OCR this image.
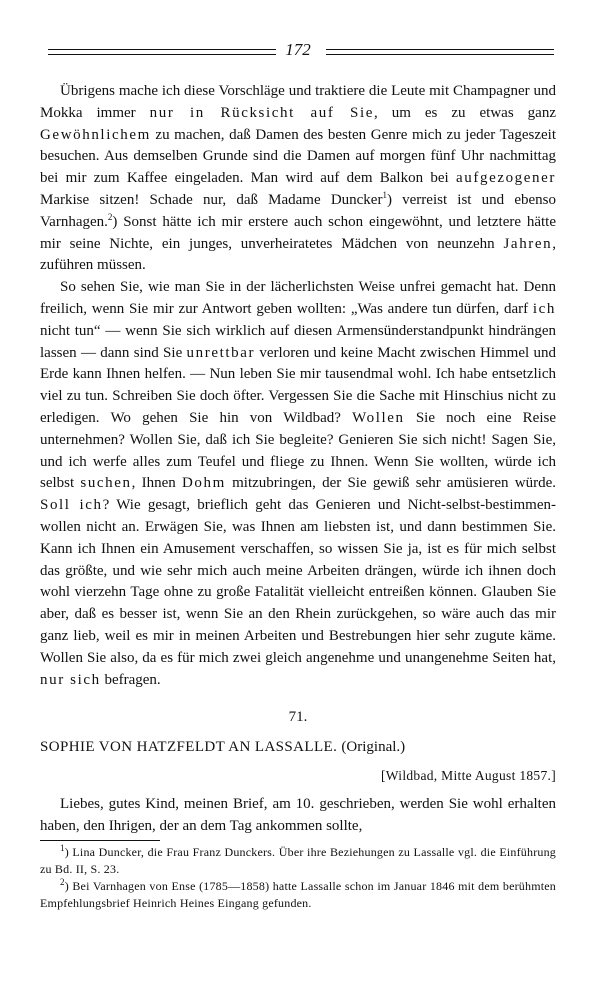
172

Übrigens mache ich diese Vorschläge und traktiere die Leute mit Champagner und Mokka immer nur in Rücksicht auf Sie, um es zu etwas ganz Gewöhnlichem zu machen, daß Damen des besten Genre mich zu jeder Tageszeit besuchen. Aus demselben Grunde sind die Damen auf morgen fünf Uhr nachmittag bei mir zum Kaffee eingeladen. Man wird auf dem Balkon bei aufgezogener Markise sitzen! Schade nur, daß Madame Duncker$^1$) verreist ist und ebenso Varnhagen.$^2$) Sonst hätte ich mir erstere auch schon eingewöhnt, und letztere hätte mir seine Nichte, ein junges, unverheiratetes Mädchen von neunzehn Jahren, zuführen müssen.

So sehen Sie, wie man Sie in der lächerlichsten Weise unfrei gemacht hat. Denn freilich, wenn Sie mir zur Antwort geben wollten: „Was andere tun dürfen, darf ich nicht tun“ — wenn Sie sich wirklich auf diesen Armensünderstandpunkt hindrängen lassen — dann sind Sie unrettbar verloren und keine Macht zwischen Himmel und Erde kann Ihnen helfen. — Nun leben Sie mir tausendmal wohl. Ich habe entsetzlich viel zu tun. Schreiben Sie doch öfter. Vergessen Sie die Sache mit Hinschius nicht zu erledigen. Wo gehen Sie hin von Wildbad? Wollen Sie noch eine Reise unternehmen? Wollen Sie, daß ich Sie begleite? Genieren Sie sich nicht! Sagen Sie, und ich werfe alles zum Teufel und fliege zu Ihnen. Wenn Sie wollten, würde ich selbst suchen, Ihnen Dohm mitzubringen, der Sie gewiß sehr amüsieren würde. Soll ich? Wie gesagt, brieflich geht das Genieren und Nicht-selbst-bestimmen-wollen nicht an. Erwägen Sie, was Ihnen am liebsten ist, und dann bestimmen Sie. Kann ich Ihnen ein Amusement verschaffen, so wissen Sie ja, ist es für mich selbst das größte, und wie sehr mich auch meine Arbeiten drängen, würde ich ihnen doch wohl vierzehn Tage ohne zu große Fatalität vielleicht entreißen können. Glauben Sie aber, daß es besser ist, wenn Sie an den Rhein zurückgehen, so wäre auch das mir ganz lieb, weil es mir in meinen Arbeiten und Bestrebungen hier sehr zugute käme. Wollen Sie also, da es für mich zwei gleich angenehme und unangenehme Seiten hat, nur sich befragen.

71.
SOPHIE VON HATZFELDT AN LASSALLE. (Original.)
[Wildbad, Mitte August 1857.]

Liebes, gutes Kind, meinen Brief, am 10. geschrieben, werden Sie wohl erhalten haben, den Ihrigen, der an dem Tag ankommen sollte,

$^1$) Lina Duncker, die Frau Franz Dunckers. Über ihre Beziehungen zu Lassalle vgl. die Einführung zu Bd. II, S. 23.

$^2$) Bei Varnhagen von Ense (1785—1858) hatte Lassalle schon im Januar 1846 mit dem berühmten Empfehlungsbrief Heinrich Heines Eingang gefunden.
